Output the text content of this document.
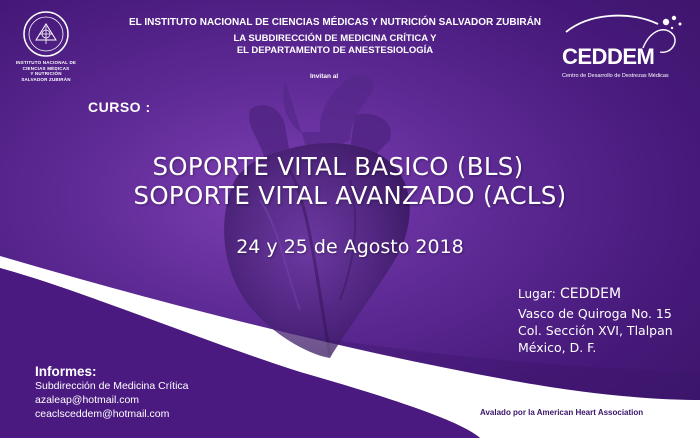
INSTITUTO NACIONAL DE
CIENCIAS MÉDICAS
Y NUTRICIÓN
SALVADOR ZUBIRÁN
EL INSTITUTO NACIONAL DE CIENCIAS MÉDICAS Y NUTRICIÓN SALVADOR ZUBIRÁN
LA SUBDIRECCIÓN DE MEDICINA CRÍTICA Y
EL DEPARTAMENTO DE ANESTESIOLOGÍA
Invitan al
CEDDEM
Centro de Desarrollo de Destrezas Médicas
CURSO :
SOPORTE VITAL BASICO (BLS)
SOPORTE VITAL AVANZADO (ACLS)
24 y 25 de Agosto 2018
Lugar: CEDDEM
Vasco de Quiroga No. 15
Col. Sección XVI, Tlalpan
México, D. F.
Informes:
Subdirección de Medicina Crítica
azaleap@hotmail.com
ceaclsceddem@hotmail.com	Avalado por la American Heart Association
